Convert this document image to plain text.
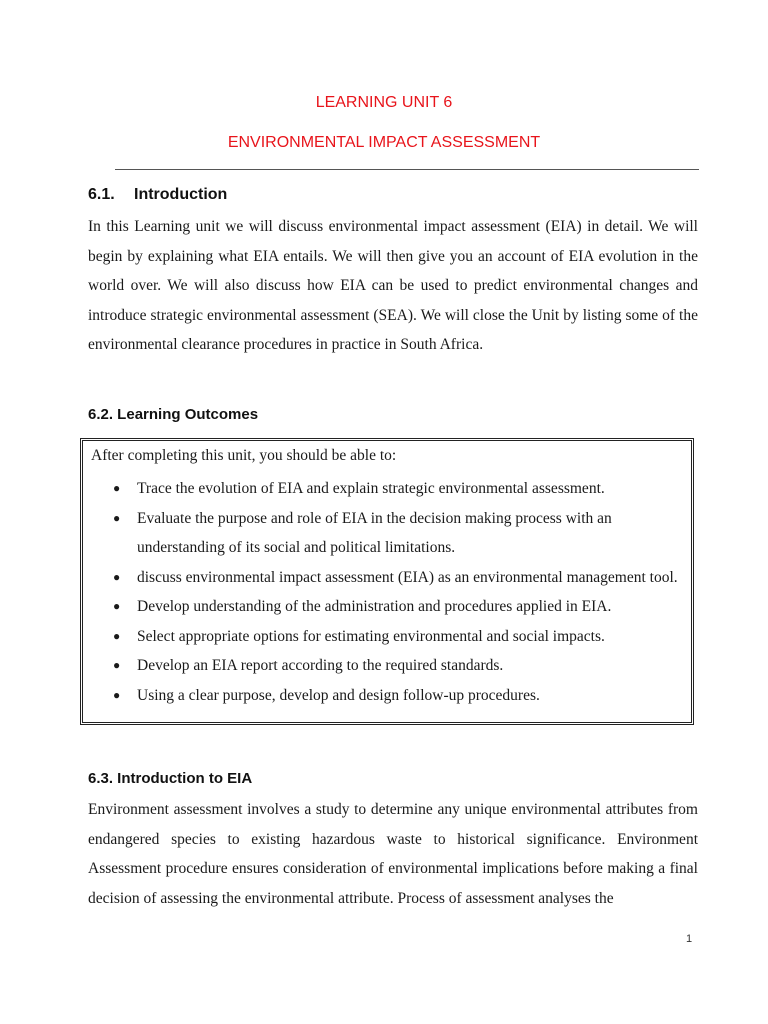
LEARNING UNIT 6
ENVIRONMENTAL IMPACT ASSESSMENT
6.1. Introduction
In this Learning unit we will discuss environmental impact assessment (EIA) in detail. We will begin by explaining what EIA entails. We will then give you an account of EIA evolution in the world over. We will also discuss how EIA can be used to predict environmental changes and introduce strategic environmental assessment (SEA). We will close the Unit by listing some of the environmental clearance procedures in practice in South Africa.
6.2. Learning Outcomes
After completing this unit, you should be able to:
● Trace the evolution of EIA and explain strategic environmental assessment.
● Evaluate the purpose and role of EIA in the decision making process with an understanding of its social and political limitations.
● discuss environmental impact assessment (EIA) as an environmental management tool.
● Develop understanding of the administration and procedures applied in EIA.
● Select appropriate options for estimating environmental and social impacts.
● Develop an EIA report according to the required standards.
● Using a clear purpose, develop and design follow-up procedures.
6.3. Introduction to EIA
Environment assessment involves a study to determine any unique environmental attributes from endangered species to existing hazardous waste to historical significance. Environment Assessment procedure ensures consideration of environmental implications before making a final decision of assessing the environmental attribute. Process of assessment analyses the
1
